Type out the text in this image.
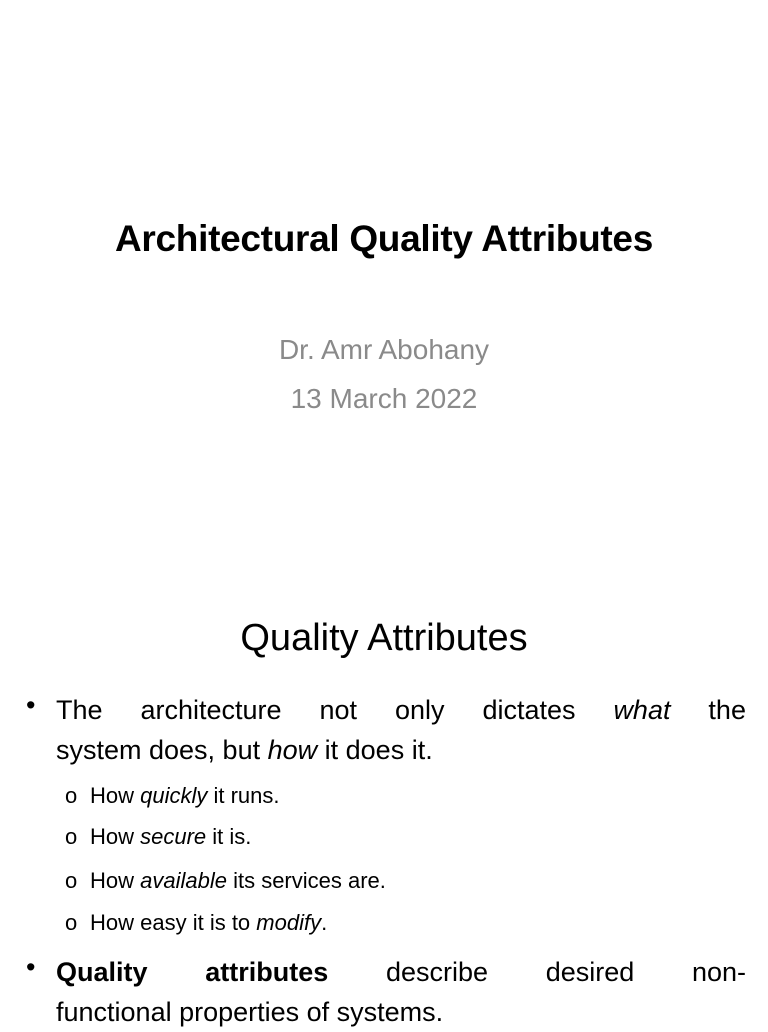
Architectural Quality Attributes
Dr. Amr Abohany
13 March 2022
Quality Attributes
• The architecture not only dictates what the
system does, but how it does it.
o How quickly it runs.
o How secure it is.
o How available its services are.
o How easy it is to modify.
• Quality attributes describe desired non-
functional properties of systems.
